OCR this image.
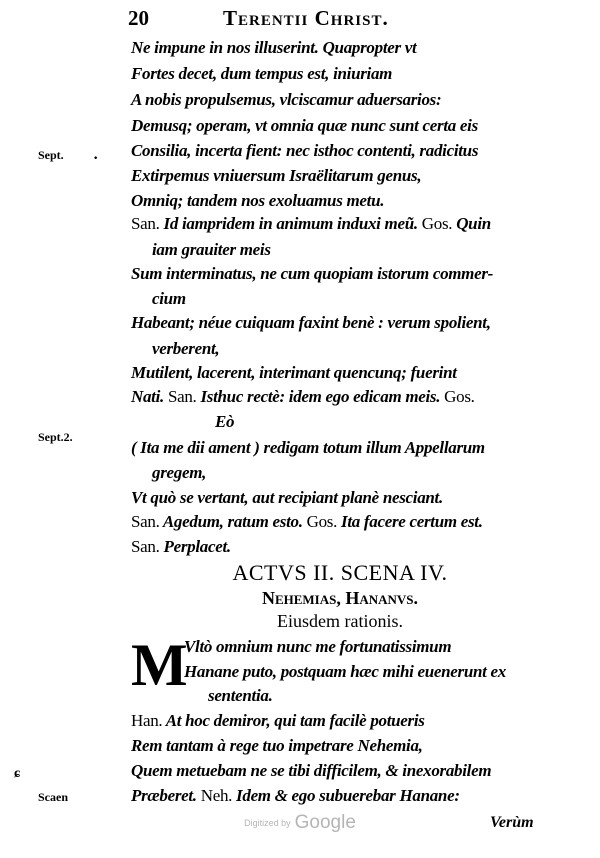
20	Terentii Christ.
Sept.
Sept.2.
ɕ
Scaen
·
Ne impune in nos illuserint. Quapropter vt
Fortes decet, dum tempus est, iniuriam
A nobis propulsemus, vlciscamur aduersarios:
Demusq; operam, vt omnia quæ nunc sunt certa eis
Consilia, incerta fient: nec isthoc contenti, radicitus
Extirpemus vniuersum Israëlitarum genus,
Omniq; tandem nos exoluamus metu.
San. Id iampridem in animum induxi meũ. Gos. Quin
iam grauiter meis
Sum interminatus, ne cum quopiam istorum commer-
cium
Habeant; néue cuiquam faxint benè : verum spolient,
verberent,
Mutilent, lacerent, interimant quencunq; fuerint
Nati. San. Isthuc rectè: idem ego edicam meis. Gos.
Eò
( Ita me dii ament ) redigam totum illum Appellarum
gregem,
Vt quò se vertant, aut recipiant planè nesciant.
San. Agedum, ratum esto. Gos. Ita facere certum est.
San. Perplacet.
ACTVS II. SCENA IV.
Nehemias, Hananvs.
Eiusdem rationis.
M
Vltò omnium nunc me fortunatissimum
Hanane puto, postquam hæc mihi euenerunt ex
sententia.
Han. At hoc demiror, qui tam facilè potueris
Rem tantam à rege tuo impetrare Nehemia,
Quem metuebam ne se tibi difficilem, & inexorabilem
Præberet. Neh. Idem & ego subuerebar Hanane:
Digitized by Google	Verùm
